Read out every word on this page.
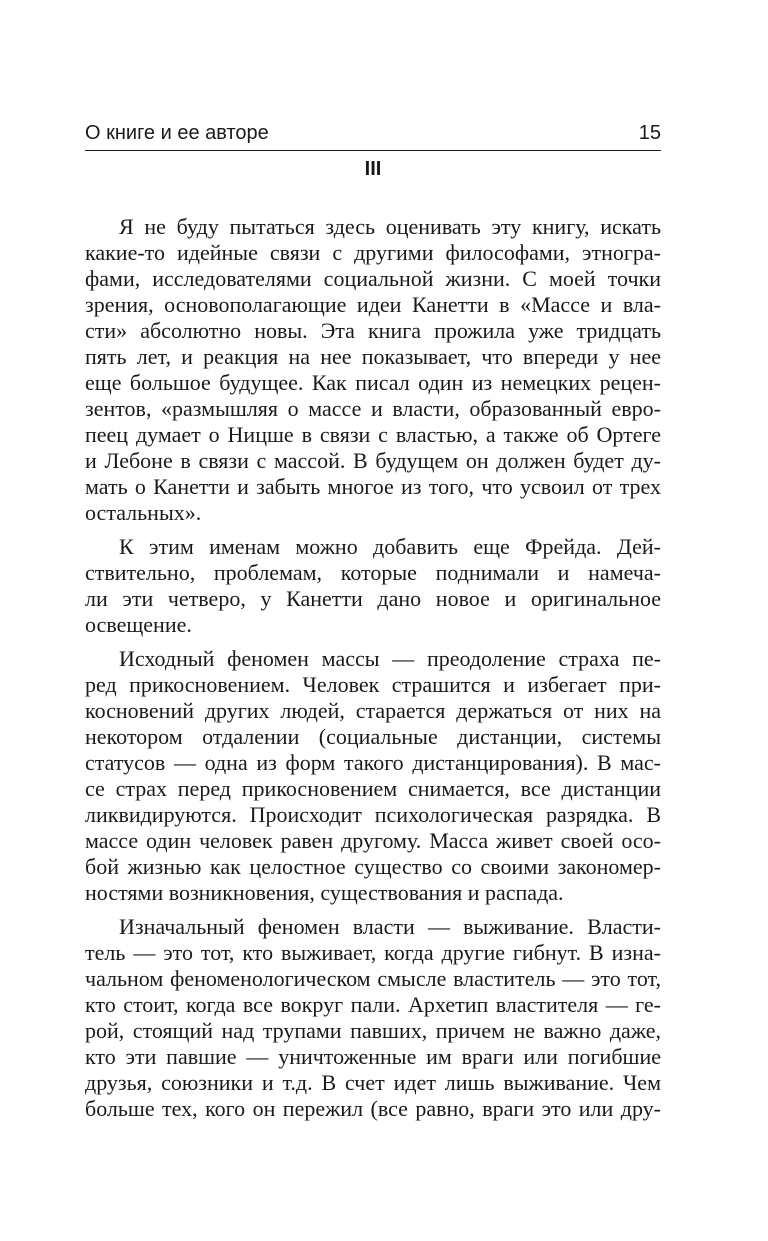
О книге и ее авторе	15
III
Я не буду пытаться здесь оценивать эту книгу, искать
какие-то идейные связи с другими философами, этногра-
фами, исследователями социальной жизни. С моей точки
зрения, основополагающие идеи Канетти в «Массе и вла-
сти» абсолютно новы. Эта книга прожила уже тридцать
пять лет, и реакция на нее показывает, что впереди у нее
еще большое будущее. Как писал один из немецких рецен-
зентов, «размышляя о массе и власти, образованный евро-
пеец думает о Ницше в связи с властью, а также об Ортеге
и Лебоне в связи с массой. В будущем он должен будет ду-
мать о Канетти и забыть многое из того, что усвоил от трех
остальных».
К этим именам можно добавить еще Фрейда. Дей-
ствительно, проблемам, которые поднимали и намеча-
ли эти четверо, у Канетти дано новое и оригинальное
освещение.
Исходный феномен массы — преодоление страха пе-
ред прикосновением. Человек страшится и избегает при-
косновений других людей, старается держаться от них на
некотором отдалении (социальные дистанции, системы
статусов — одна из форм такого дистанцирования). В мас-
се страх перед прикосновением снимается, все дистанции
ликвидируются. Происходит психологическая разрядка. В
массе один человек равен другому. Масса живет своей осо-
бой жизнью как целостное существо со своими закономер-
ностями возникновения, существования и распада.
Изначальный феномен власти — выживание. Власти-
тель — это тот, кто выживает, когда другие гибнут. В изна-
чальном феноменологическом смысле властитель — это тот,
кто стоит, когда все вокруг пали. Архетип властителя — ге-
рой, стоящий над трупами павших, причем не важно даже,
кто эти павшие — уничтоженные им враги или погибшие
друзья, союзники и т.д. В счет идет лишь выживание. Чем
больше тех, кого он пережил (все равно, враги это или дру-
